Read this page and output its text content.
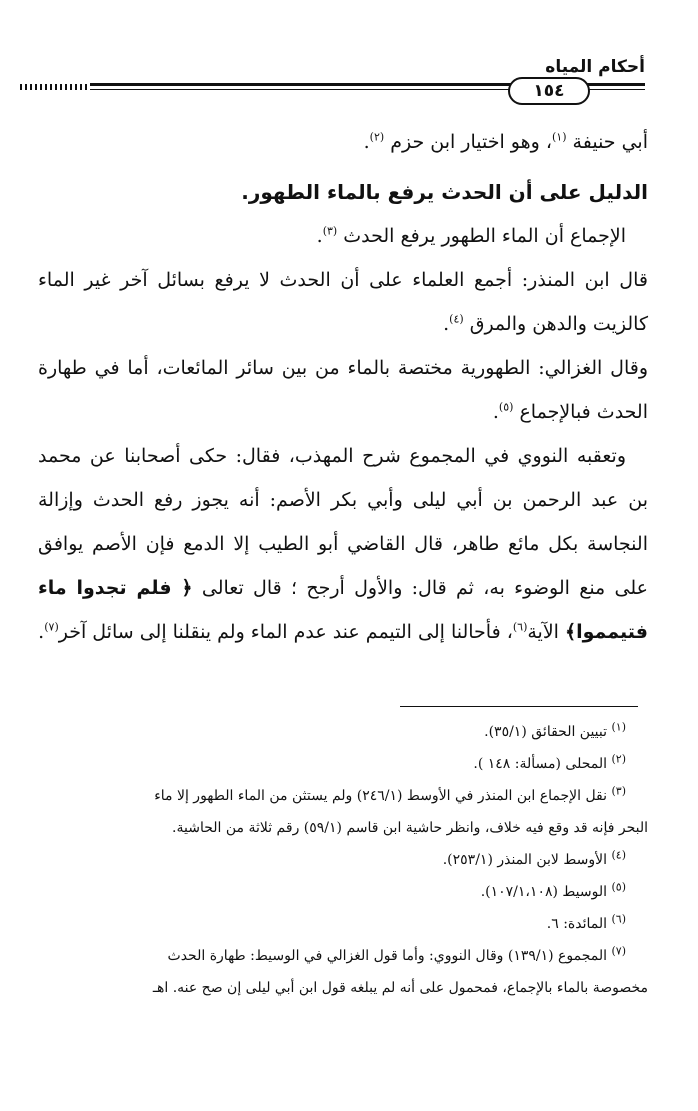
أحكام المياه
١٥٤

أبي حنيفة $^{(١)}$، وهو اختيار ابن حزم $^{(٢)}$.

الدليل على أن الحدث يرفع بالماء الطهور.

الإجماع أن الماء الطهور يرفع الحدث $^{(٣)}$.

قال ابن المنذر: أجمع العلماء على أن الحدث لا يرفع بسائل آخر غير الماء كالزيت والدهن والمرق $^{(٤)}$.

وقال الغزالي: الطهورية مختصة بالماء من بين سائر المائعات، أما في طهارة الحدث فبالإجماع $^{(٥)}$.

وتعقبه النووي في المجموع شرح المهذب، فقال: حكى أصحابنا عن محمد بن عبد الرحمن بن أبي ليلى وأبي بكر الأصم: أنه يجوز رفع الحدث وإزالة النجاسة بكل مائع طاهر، قال القاضي أبو الطيب إلا الدمع فإن الأصم يوافق على منع الوضوء به، ثم قال: والأول أرجح ؛ قال تعالى ﴿ فلم تجدوا ماء فتيمموا﴾ الآية$^{(٦)}$، فأحالنا إلى التيمم عند عدم الماء ولم ينقلنا إلى سائل آخر$^{(٧)}$.

$^{(١)}$ تبيين الحقائق (٣٥/١).

$^{(٢)}$ المحلى (مسألة: ١٤٨ ).

$^{(٣)}$ نقل الإجماع ابن المنذر في الأوسط (٢٤٦/١) ولم يستثن من الماء الطهور إلا ماء

البحر فإنه قد وقع فيه خلاف، وانظر حاشية ابن قاسم (٥٩/١) رقم ثلاثة من الحاشية.

$^{(٤)}$ الأوسط لابن المنذر (٢٥٣/١).

$^{(٥)}$ الوسيط (١٠٧/١،١٠٨).

$^{(٦)}$ المائدة: ٦.

$^{(٧)}$ المجموع (١٣٩/١) وقال النووي: وأما قول الغزالي في الوسيط: طهارة الحدث

مخصوصة بالماء بالإجماع، فمحمول على أنه لم يبلغه قول ابن أبي ليلى إن صح عنه. اهـ
